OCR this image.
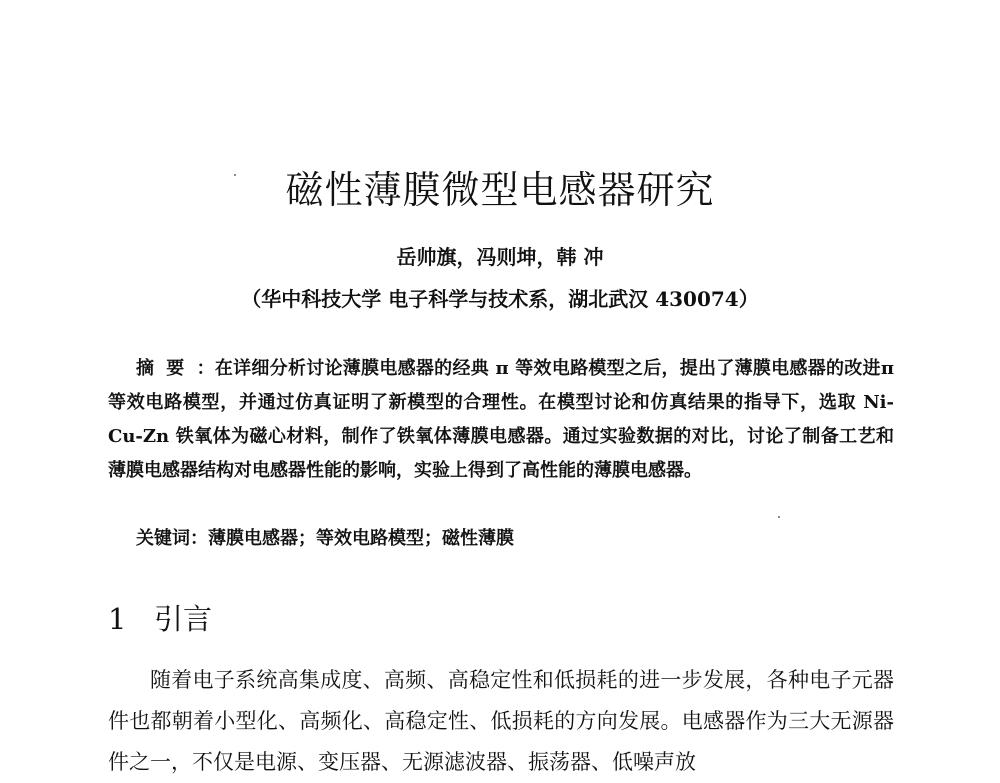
磁性薄膜微型电感器研究
岳帅旗，冯则坤，韩 冲
（华中科技大学 电子科学与技术系，湖北武汉 430074）
摘要：在详细分析讨论薄膜电感器的经典 π 等效电路模型之后，提出了薄膜电感器的改进π等效电路模型，并通过仿真证明了新模型的合理性。在模型讨论和仿真结果的指导下，选取 Ni-Cu-Zn 铁氧体为磁心材料，制作了铁氧体薄膜电感器。通过实验数据的对比，讨论了制备工艺和薄膜电感器结构对电感器性能的影响，实验上得到了高性能的薄膜电感器。
关键词：薄膜电感器；等效电路模型；磁性薄膜
1 引言
随着电子系统高集成度、高频、高稳定性和低损耗的进一步发展，各种电子元器件也都朝着小型化、高频化、高稳定性、低损耗的方向发展。电感器作为三大无源器件之一，不仅是电源、变压器、无源滤波器、振荡器、低噪声放
